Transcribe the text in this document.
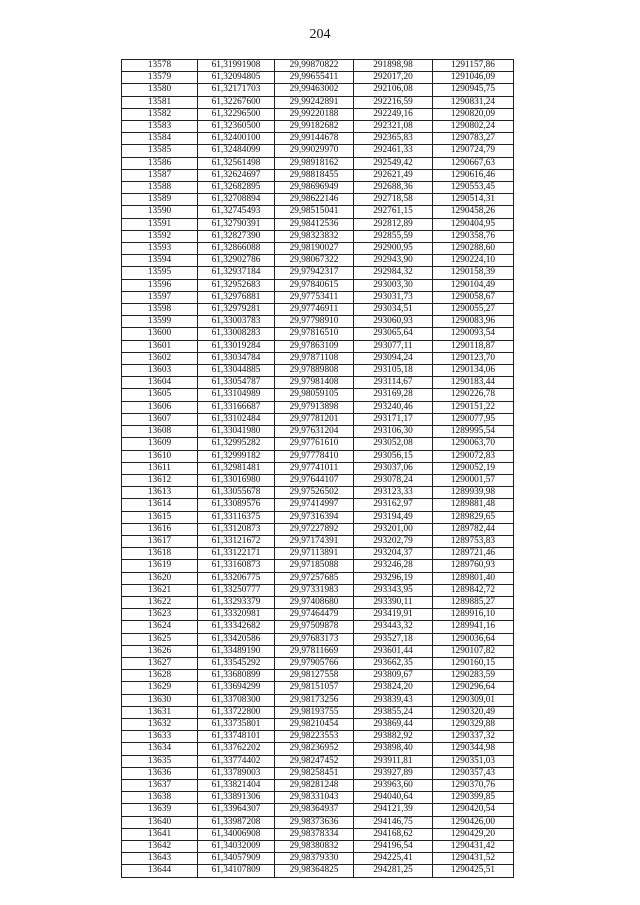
204
13578	61,31991908	29,99870822	291898,98	1291157,86
13579	61,32094805	29,99655411	292017,20	1291046,09
13580	61,32171703	29,99463002	292106,08	1290945,75
13581	61,32267600	29,99242891	292216,59	1290831,24
13582	61,32296500	29,99220188	292249,16	1290820,09
13583	61,32360500	29,99182682	292321,08	1290802,24
13584	61,32400100	29,99144678	292365,83	1290783,27
13585	61,32484099	29,99029970	292461,33	1290724,79
13586	61,32561498	29,98918162	292549,42	1290667,63
13587	61,32624697	29,98818455	292621,49	1290616,46
13588	61,32682895	29,98696949	292688,36	1290553,45
13589	61,32708894	29,98622146	292718,58	1290514,31
13590	61,32745493	29,98515041	292761,15	1290458,26
13591	61,32790391	29,98412536	292812,89	1290404,95
13592	61,32827390	29,98323832	292855,59	1290358,76
13593	61,32866088	29,98190027	292900,95	1290288,60
13594	61,32902786	29,98067322	292943,90	1290224,10
13595	61,32937184	29,97942317	292984,32	1290158,39
13596	61,32952683	29,97840615	293003,30	1290104,49
13597	61,32976881	29,97753411	293031,73	1290058,67
13598	61,32979281	29,97746911	293034,51	1290055,27
13599	61,33003783	29,97798910	293060,93	1290083,96
13600	61,33008283	29,97816510	293065,64	1290093,54
13601	61,33019284	29,97863109	293077,11	1290118,87
13602	61,33034784	29,97871108	293094,24	1290123,70
13603	61,33044885	29,97889808	293105,18	1290134,06
13604	61,33054787	29,97981408	293114,67	1290183,44
13605	61,33104989	29,98059105	293169,28	1290226,78
13606	61,33166687	29,97913898	293240,46	1290151,22
13607	61,33102484	29,97781201	293171,17	1290077,95
13608	61,33041980	29,97631204	293106,30	1289995,54
13609	61,32995282	29,97761610	293052,08	1290063,70
13610	61,32999182	29,97778410	293056,15	1290072,83
13611	61,32981481	29,97741011	293037,06	1290052,19
13612	61,33016980	29,97644107	293078,24	1290001,57
13613	61,33055678	29,97526502	293123,33	1289939,98
13614	61,33089576	29,97414997	293162,97	1289881,48
13615	61,33116375	29,97316394	293194,49	1289829,65
13616	61,33120873	29,97227892	293201,00	1289782,44
13617	61,33121672	29,97174391	293202,79	1289753,83
13618	61,33122171	29,97113891	293204,37	1289721,46
13619	61,33160873	29,97185088	293246,28	1289760,93
13620	61,33206775	29,97257685	293296,19	1289801,40
13621	61,33250777	29,97331983	293343,95	1289842,72
13622	61,33293379	29,97408680	293390,11	1289885,27
13623	61,33320981	29,97464479	293419,91	1289916,10
13624	61,33342682	29,97509878	293443,32	1289941,16
13625	61,33420586	29,97683173	293527,18	1290036,64
13626	61,33489190	29,97811669	293601,44	1290107,82
13627	61,33545292	29,97905766	293662,35	1290160,15
13628	61,33680899	29,98127558	293809,67	1290283,59
13629	61,33694299	29,98151057	293824,20	1290296,64
13630	61,33708300	29,98173256	293839,43	1290309,01
13631	61,33722800	29,98193755	293855,24	1290320,49
13632	61,33735801	29,98210454	293869,44	1290329,88
13633	61,33748101	29,98223553	293882,92	1290337,32
13634	61,33762202	29,98236952	293898,40	1290344,98
13635	61,33774402	29,98247452	293911,81	1290351,03
13636	61,33789003	29,98258451	293927,89	1290357,43
13637	61,33821404	29,98281248	293963,60	1290370,76
13638	61,33891306	29,98331043	294040,64	1290399,85
13639	61,33964307	29,98364937	294121,39	1290420,54
13640	61,33987208	29,98373636	294146,75	1290426,00
13641	61,34006908	29,98378334	294168,62	1290429,20
13642	61,34032009	29,98380832	294196,54	1290431,42
13643	61,34057909	29,98379330	294225,41	1290431,52
13644	61,34107809	29,98364825	294281,25	1290425,51
